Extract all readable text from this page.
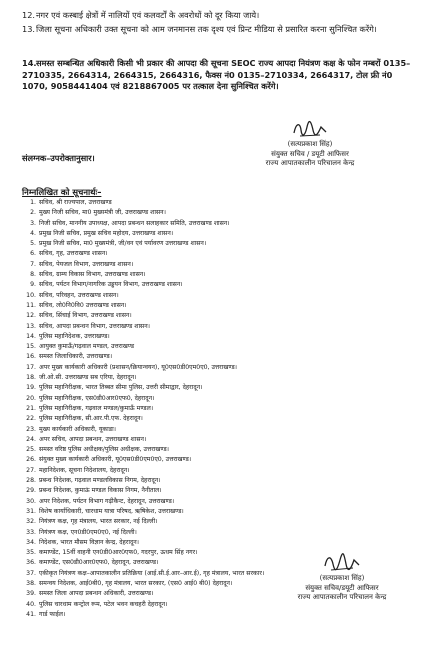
12.नगर एवं कस्बाई क्षेत्रों में नालियों एवं कलवर्टों के अवरोधों को दूर किया जाये।
13.जिला सूचना अधिकारी उक्त सूचना को आम जनमानस तक दृश्य एवं प्रिन्ट मीडिया से प्रसारित करना सुनिश्चित करेंगे।
14.समस्त सम्बन्धित अधिकारी किसी भी प्रकार की आपदा की सूचना SEOC राज्य आपदा नियंत्रण कक्ष के फोन नम्बरों 0135–2710335, 2664314, 2664315, 2664316, फैक्स नं0 0135–2710334, 2664317, टोल फ्री नं0 1070, 9058441404 एवं 8218867005 पर तत्काल देना सुनिश्चित करेंगे।
संलग्नक–उपरोक्तानुसार।
(सत्यप्रकाश सिंह)
संयुक्त सचिव / डयूटी आफिसर
राज्य आपातकालीन परिचालन केन्द्र
निम्नलिखित को सूचनार्थः–
1. सचिव, श्री राज्यपाल, उत्तराखण्ड
2. मुख्य निजी सचिव, मा0 मुख्यमंत्री जी, उत्तराखण्ड शासन।
3. निजी सचिव, माननीय उपाध्यक्ष, आपदा प्रबन्धन सलाहकार समिति, उत्तराखण्ड शासन।
4. प्रमुख निजी सचिव, प्रमुख सचिव महोदय, उत्तराखण्ड शासन।
5. प्रमुख निजी सचिव, मा0 मुख्यमंत्री, जी/वन एवं पर्यावरण उत्तराखण्ड शासन।
6. सचिव, गृह, उत्तराखण्ड शासन।
7. सचिव, पेयजल विभाग, उत्तराखण्ड शासन।
8. सचिव, ग्राम्य विकास विभाग, उत्तराखण्ड शासन।
9. सचिव, पर्यटन विभाग/नागरिक उड्डयन विभाग, उत्तराखण्ड शासन।
10. सचिव, परिवहन, उत्तराखण्ड शासन।
11. सचिव, लो0नि0वि0 उत्तराखण्ड शासन।
12. सचिव, सिंचाई विभाग, उत्तराखण्ड शासन।
13. सचिव, आपदा प्रबन्धन विभाग, उत्तराखण्ड शासन।
14. पुलिस महानिदेशक, उत्तराखण्ड।
15. आयुक्त कुमाऊँ/गढ़वाल मण्डल, उत्तराखण्ड
16. समस्त जिलाधिकारी, उत्तराखण्ड।
17. अपर मुख्य कार्यकारी अधिकारी (प्रशासन/क्रियान्वयन), यू0एस0डी0एम0ए0, उत्तराखण्ड।
18. जी.ओ.सी. उत्तराखण्ड सब एरिया, देहरादून।
19. पुलिस महानिरीक्षक, भारत तिब्बत सीमा पुलिस, उत्तरी सीमाद्वार, देहरादून।
20. पुलिस महानिरीक्षक, एस0डी0आर0एफ0, देहरादून।
21. पुलिस महानिरीक्षक, गढ़वाल मण्डल/कुमाऊँ मण्डल।
22. पुलिस महानिरीक्षक, सी.आर.पी.एफ. देहरादून।
23. मुख्य कार्यकारी अधिकारी, यूकाडा।
24. अपर सचिव, आपदा प्रबन्धन, उत्तराखण्ड शासन।
25. समस्त वरिष्ठ पुलिस अधीक्षक/पुलिस अधीक्षक, उत्तराखण्ड।
26. संयुक्त मुख्य कार्यकारी अधिकारी, यू0एस0डी0एम0ए0, उत्तराखण्ड।
27. महानिदेशक, सूचना निदेशालय, देहरादून।
28. प्रबन्ध निदेशक, गढ़वाल मण्डलविकास निगम, देहरादून।
29. प्रबन्ध निदेशक, कुमाऊं मण्डल विकास निगम, नैनीताल।
30. अपर निदेशक, पर्यटन विभाग गढ़ीकैन्ट, देहरादून, उत्तराखण्ड।
31. विशेष कार्याधिकारी, चारधाम यात्रा परिषद, ऋषिकेश, उत्तराखण्ड।
32. नियंत्रण कक्ष, गृह मंत्रालय, भारत सरकार, नई दिल्ली।
33. नियंत्रण कक्ष, एन0डी0एम0ए0, नई दिल्ली।
34. निदेशक, भारत मौसम विज्ञान केन्द्र, देहरादून।
35. कमाण्डेंट, 15वीं वाहनी एन0डी0आर0एफ0, गदरपुर, ऊधम सिंह नगर।
36. कमाण्डेंट, एस0डी0आर0एफ0, देहरादून, उत्तराखण्ड।
37. एकीकृत नियंत्रण कक्ष–आपातकालीन प्रतिक्रिया (आई.सी.ई.आर–आर.ई), गृह मंत्रालय, भारत सरकार।
38. समन्वय निदेशक, आई0बी0, गृह मंत्रालय, भारत सरकार, (एस0 आई0 बी0) देहरादून।
39. समस्त जिला आपदा प्रबन्धन अधिकारी, उत्तराखण्ड।
40. पुलिस चारधाम कन्ट्रोल रूम, पटेल भवन कचहरी देहरादून।
41. गार्ड फाईल।
(सत्यप्रकाश सिंह)
संयुक्त सचिव/डयूटी आफिसर
राज्य आपातकालीन परिचालन केन्द्र
